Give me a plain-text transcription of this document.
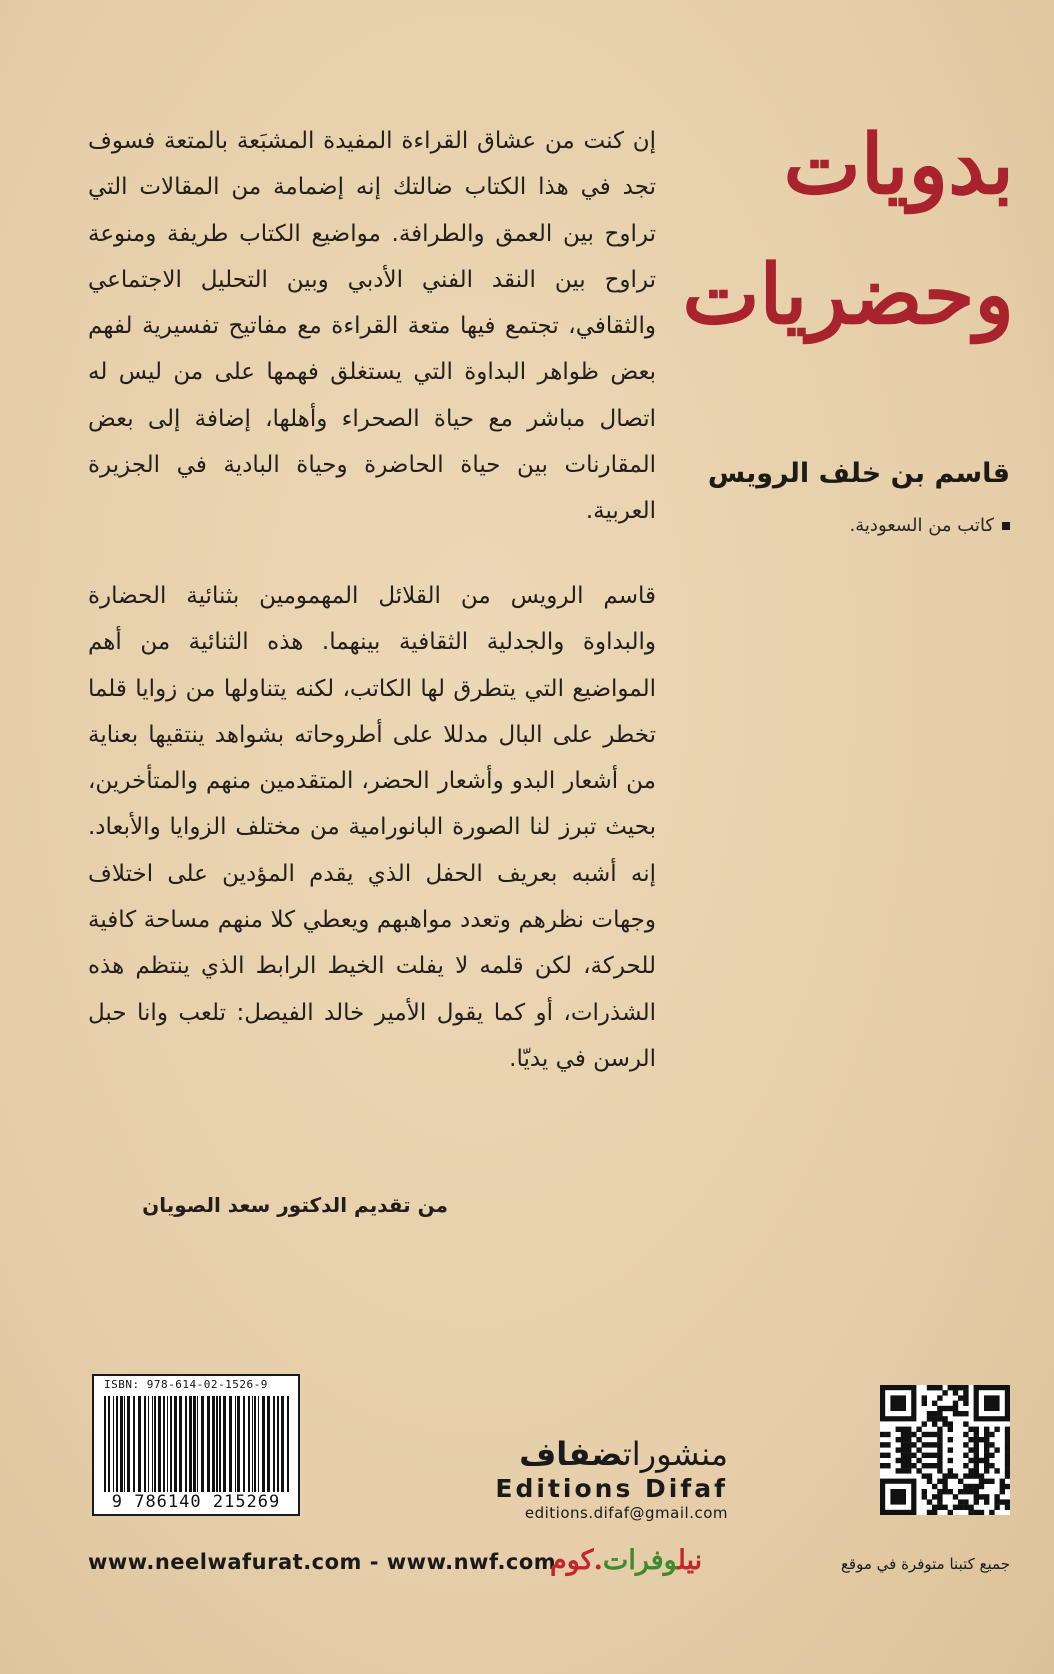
بدويات
وحضريات

قاسم بن خلف الرويس

كاتب من السعودية.

إن كنت من عشاق القراءة المفيدة المشبَعة بالمتعة فسوف تجد في هذا الكتاب ضالتك إنه إضمامة من المقالات التي تراوح بين العمق والطرافة. مواضيع الكتاب طريفة ومنوعة تراوح بين النقد الفني الأدبي وبين التحليل الاجتماعي والثقافي، تجتمع فيها متعة القراءة مع مفاتيح تفسيرية لفهم بعض ظواهر البداوة التي يستغلق فهمها على من ليس له اتصال مباشر مع حياة الصحراء وأهلها، إضافة إلى بعض المقارنات بين حياة الحاضرة وحياة البادية في الجزيرة العربية.

قاسم الرويس من القلائل المهمومين بثنائية الحضارة والبداوة والجدلية الثقافية بينهما. هذه الثنائية من أهم المواضيع التي يتطرق لها الكاتب، لكنه يتناولها من زوايا قلما تخطر على البال مدللا على أطروحاته بشواهد ينتقيها بعناية من أشعار البدو وأشعار الحضر، المتقدمين منهم والمتأخرين، بحيث تبرز لنا الصورة البانورامية من مختلف الزوايا والأبعاد. إنه أشبه بعريف الحفل الذي يقدم المؤدين على اختلاف وجهات نظرهم وتعدد مواهبهم ويعطي كلا منهم مساحة كافية للحركة، لكن قلمه لا يفلت الخيط الرابط الذي ينتظم هذه الشذرات، أو كما يقول الأمير خالد الفيصل: تلعب وانا حبل الرسن في يديّا.

من تقديم الدكتور سعد الصويان

ISBN: 978-614-02-1526-9
9 786140 215269

منشوراتضفاف

Editions Difaf

editions.difaf@gmail.com

www.neelwafurat.com - www.nwf.com	نيلوفرات.كوم	جميع كتبنا متوفرة في موقع
